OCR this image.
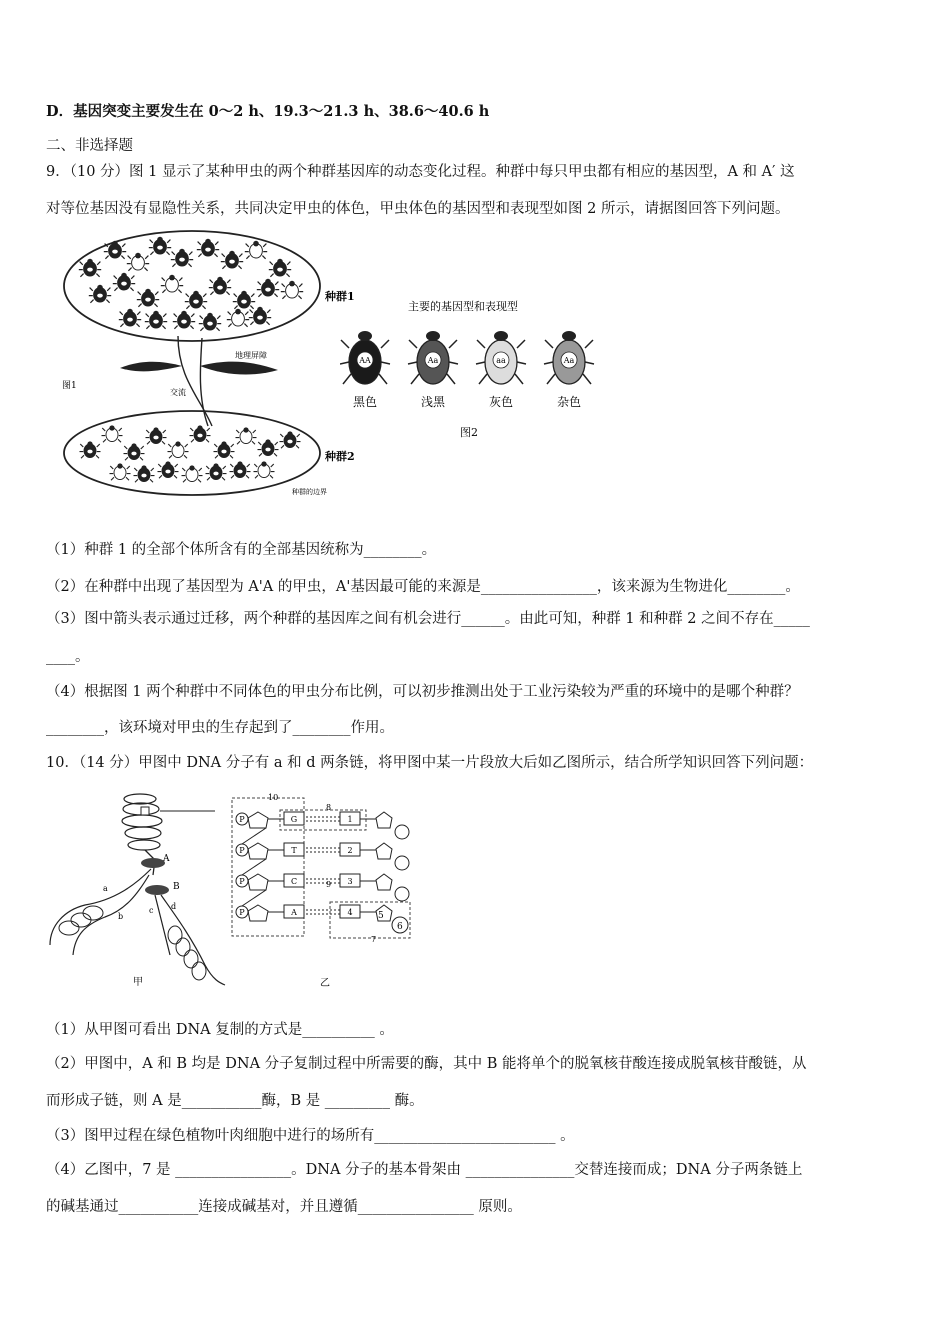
D．基因突变主要发生在 0～2 h、19.3～21.3 h、38.6～40.6 h
二、非选择题
9．（10 分）图 1 显示了某种甲虫的两个种群基因库的动态变化过程。种群中每只甲虫都有相应的基因型，A 和 A′ 这
对等位基因没有显隐性关系，共同决定甲虫的体色，甲虫体色的基因型和表现型如图 2 所示，请据图回答下列问题。
地理屏障
交流
图1
种群的边界
种群1
种群2
主要的基因型和表现型
AA
黑色
Aa
浅黑
aa
灰色
Aa
杂色
图2
（1）种群 1 的全部个体所含有的全部基因统称为________。
（2）在种群中出现了基因型为 A'A 的甲虫，A'基因最可能的来源是________________，该来源为生物进化________。
（3）图中箭头表示通过迁移，两个种群的基因库之间有机会进行______。由此可知，种群 1 和种群 2 之间不存在_____
____。
（4）根据图 1 两个种群中不同体色的甲虫分布比例，可以初步推测出处于工业污染较为严重的环境中的是哪个种群？
________，该环境对甲虫的生存起到了________作用。
10．（14 分）甲图中 DNA 分子有 a 和 d 两条链，将甲图中某一片段放大后如乙图所示，结合所学知识回答下列问题：
A
B
a
b
c d
甲
10
8
7
P	G	1
P	T	2
P	C	3
P	A	4
9
5
6
乙
（1）从甲图可看出 DNA 复制的方式是__________ 。
（2）甲图中，A 和 B 均是 DNA 分子复制过程中所需要的酶，其中 B 能将单个的脱氧核苷酸连接成脱氧核苷酸链，从
而形成子链，则 A 是___________酶，B 是 _________ 酶。
（3）图甲过程在绿色植物叶肉细胞中进行的场所有_________________________ 。
（4）乙图中，7 是 ________________。DNA 分子的基本骨架由 _______________交替连接而成；DNA 分子两条链上
的碱基通过___________连接成碱基对，并且遵循________________ 原则。
